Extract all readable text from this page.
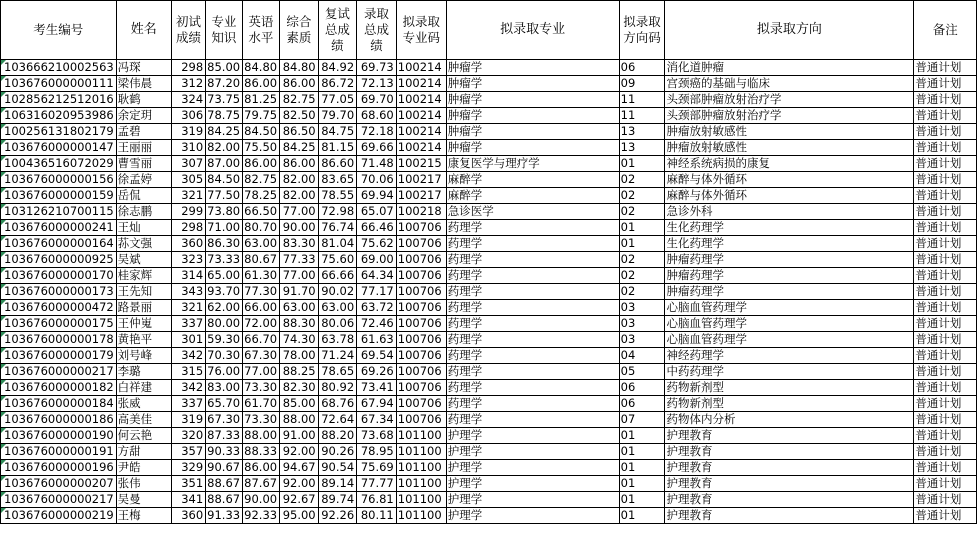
考生编号	姓名	初试成绩	专业知识	英语水平	综合素质	复试总成绩	录取总成绩	拟录取专业码	拟录取专业	拟录取方向码	拟录取方向	备注
103666210002563	冯琛	298	85.00	84.80	84.80	84.92	69.73	100214	肿瘤学	06	消化道肿瘤	普通计划
103676000000111	梁伟晨	312	87.20	86.00	86.00	86.72	72.13	100214	肿瘤学	09	宫颈癌的基础与临床	普通计划
102856212512016	耿鹤	324	73.75	81.25	82.75	77.05	69.70	100214	肿瘤学	11	头颈部肿瘤放射治疗学	普通计划
106316020953986	余定玥	306	78.75	79.75	82.50	79.70	68.60	100214	肿瘤学	11	头颈部肿瘤放射治疗学	普通计划
100256131802179	孟碧	319	84.25	84.50	86.50	84.75	72.18	100214	肿瘤学	13	肿瘤放射敏感性	普通计划
103676000000147	王丽丽	310	82.00	75.50	84.25	81.15	69.66	100214	肿瘤学	13	肿瘤放射敏感性	普通计划
100436516072029	曹雪丽	307	87.00	86.00	86.00	86.60	71.48	100215	康复医学与理疗学	01	神经系统病损的康复	普通计划
103676000000156	徐孟婷	305	84.50	82.75	82.00	83.65	70.06	100217	麻醉学	02	麻醉与体外循环	普通计划
103676000000159	岳侃	321	77.50	78.25	82.00	78.55	69.94	100217	麻醉学	02	麻醉与体外循环	普通计划
103126210700115	徐志鹏	299	73.80	66.50	77.00	72.98	65.07	100218	急诊医学	02	急诊外科	普通计划
103676000000241	王灿	298	71.00	80.70	90.00	76.74	66.46	100706	药理学	01	生化药理学	普通计划
103676000000164	荪文强	360	86.30	63.00	83.30	81.04	75.62	100706	药理学	01	生化药理学	普通计划
103676000000925	吴斌	323	73.33	80.67	77.33	75.60	69.00	100706	药理学	02	肿瘤药理学	普通计划
103676000000170	桂家辉	314	65.00	61.30	77.00	66.66	64.34	100706	药理学	02	肿瘤药理学	普通计划
103676000000173	王先知	343	93.70	77.30	91.70	90.02	77.17	100706	药理学	02	肿瘤药理学	普通计划
103676000000472	路景丽	321	62.00	66.00	63.00	63.00	63.72	100706	药理学	03	心脑血管药理学	普通计划
103676000000175	王仲嵬	337	80.00	72.00	88.30	80.06	72.46	100706	药理学	03	心脑血管药理学	普通计划
103676000000178	黄艳平	301	59.30	66.70	74.30	63.78	61.63	100706	药理学	03	心脑血管药理学	普通计划
103676000000179	刘号峰	342	70.30	67.30	78.00	71.24	69.54	100706	药理学	04	神经药理学	普通计划
103676000000217	李璐	315	76.00	77.00	88.25	78.65	69.26	100706	药理学	05	中药药理学	普通计划
103676000000182	白祥建	342	83.00	73.30	82.30	80.92	73.41	100706	药理学	06	药物新剂型	普通计划
103676000000184	张威	337	65.70	61.70	85.00	68.76	67.94	100706	药理学	06	药物新剂型	普通计划
103676000000186	高美佳	319	67.30	73.30	88.00	72.64	67.34	100706	药理学	07	药物体内分析	普通计划
103676000000190	何云艳	320	87.33	88.00	91.00	88.20	73.68	101100	护理学	01	护理教育	普通计划
103676000000191	方甜	357	90.33	88.33	92.00	90.26	78.95	101100	护理学	01	护理教育	普通计划
103676000000196	尹皓	329	90.67	86.00	94.67	90.54	75.69	101100	护理学	01	护理教育	普通计划
103676000000207	张伟	351	88.67	87.67	92.00	89.14	77.77	101100	护理学	01	护理教育	普通计划
103676000000217	吴曼	341	88.67	90.00	92.67	89.74	76.81	101100	护理学	01	护理教育	普通计划
103676000000219	王梅	360	91.33	92.33	95.00	92.26	80.11	101100	护理学	01	护理教育	普通计划
